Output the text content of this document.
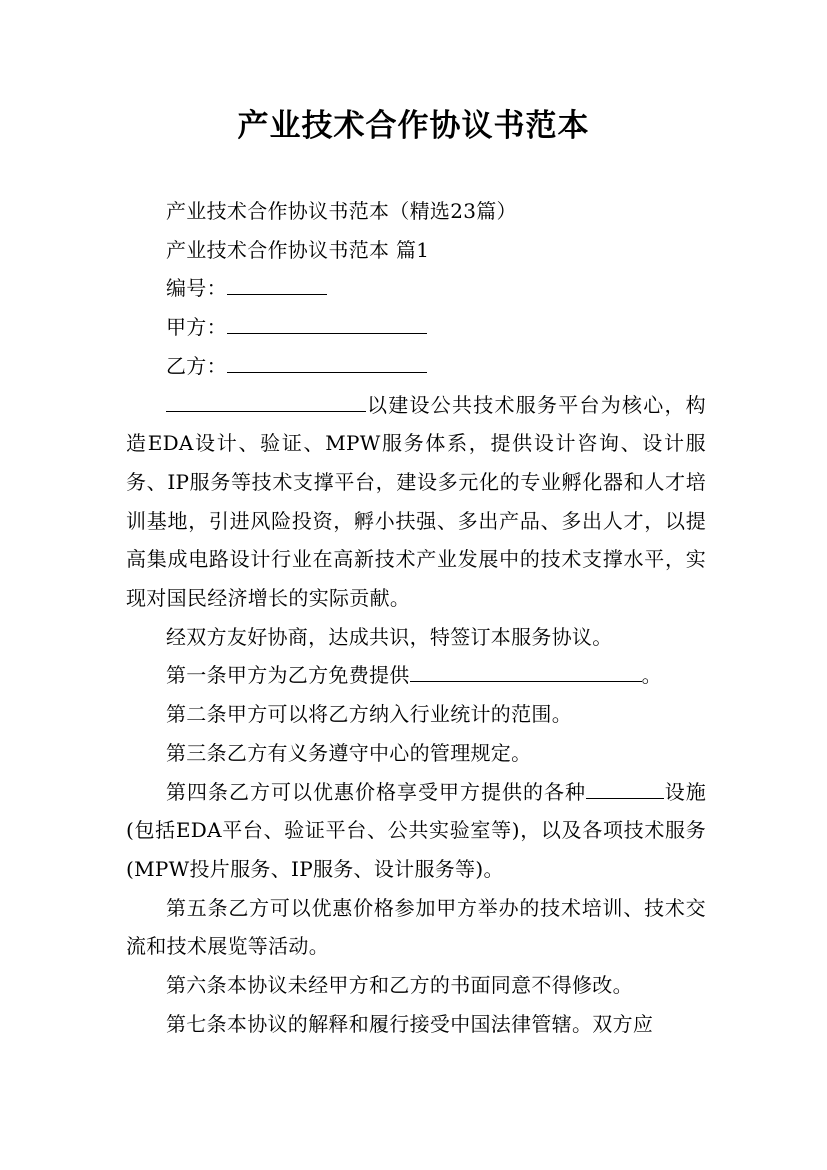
产业技术合作协议书范本

产业技术合作协议书范本（精选23篇）

产业技术合作协议书范本 篇1

编号：

甲方：

乙方：

以建设公共技术服务平台为核心，构造EDA设计、验证、MPW服务体系，提供设计咨询、设计服务、IP服务等技术支撑平台，建设多元化的专业孵化器和人才培训基地，引进风险投资，孵小扶强、多出产品、多出人才，以提高集成电路设计行业在高新技术产业发展中的技术支撑水平，实现对国民经济增长的实际贡献。

经双方友好协商，达成共识，特签订本服务协议。

第一条甲方为乙方免费提供	。

第二条甲方可以将乙方纳入行业统计的范围。

第三条乙方有义务遵守中心的管理规定。

第四条乙方可以优惠价格享受甲方提供的各种	设施(包括EDA平台、验证平台、公共实验室等)，以及各项技术服务(MPW投片服务、IP服务、设计服务等)。

第五条乙方可以优惠价格参加甲方举办的技术培训、技术交流和技术展览等活动。

第六条本协议未经甲方和乙方的书面同意不得修改。

第七条本协议的解释和履行接受中国法律管辖。双方应
